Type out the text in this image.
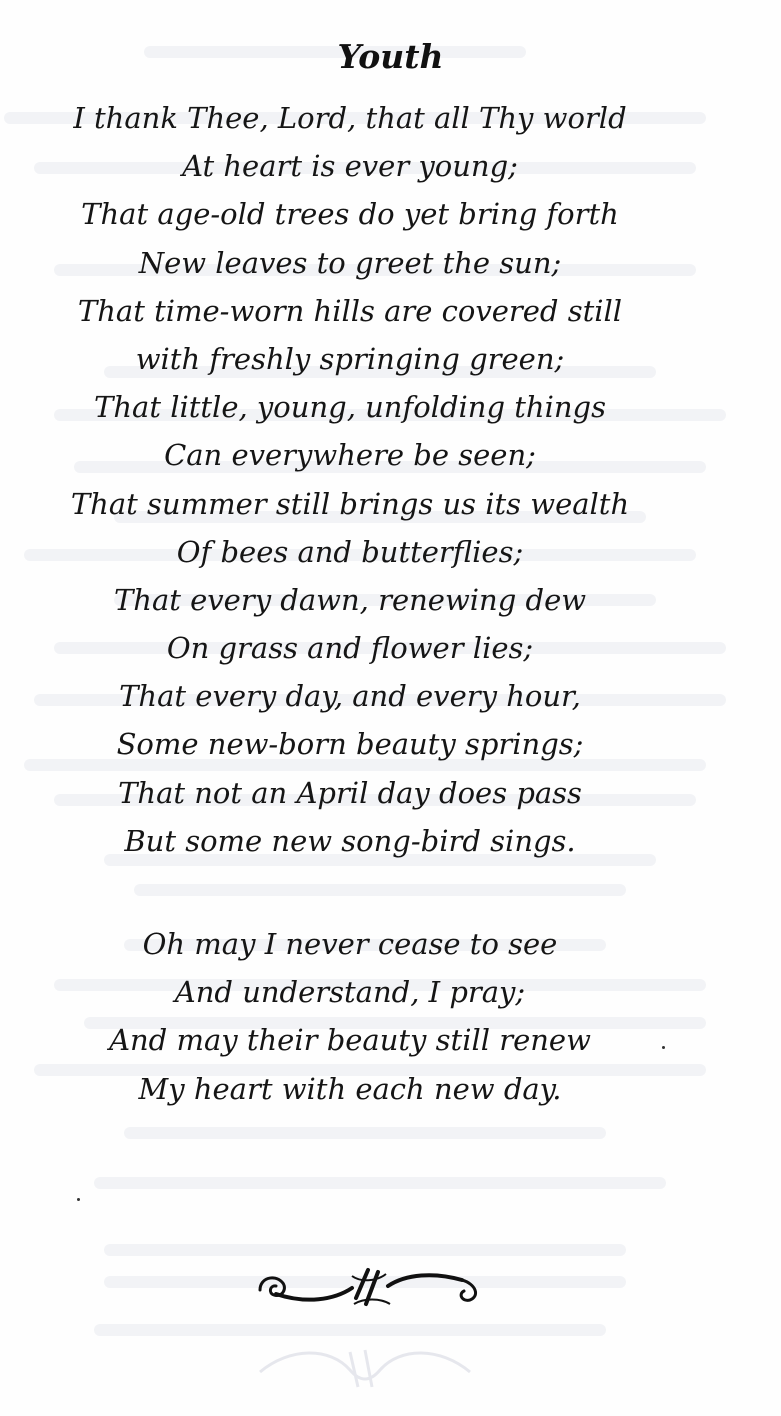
Youth
I thank Thee, Lord, that all Thy world
At heart is ever young;
That age-old trees do yet bring forth
New leaves to greet the sun;
That time-worn hills are covered still
with freshly springing green;
That little, young, unfolding things
Can everywhere be seen;
That summer still brings us its wealth
Of bees and butterflies;
That every dawn, renewing dew
On grass and flower lies;
That every day, and every hour,
Some new-born beauty springs;
That not an April day does pass
But some new song-bird sings.
Oh may I never cease to see
And understand, I pray;
And may their beauty still renew
My heart with each new day.
